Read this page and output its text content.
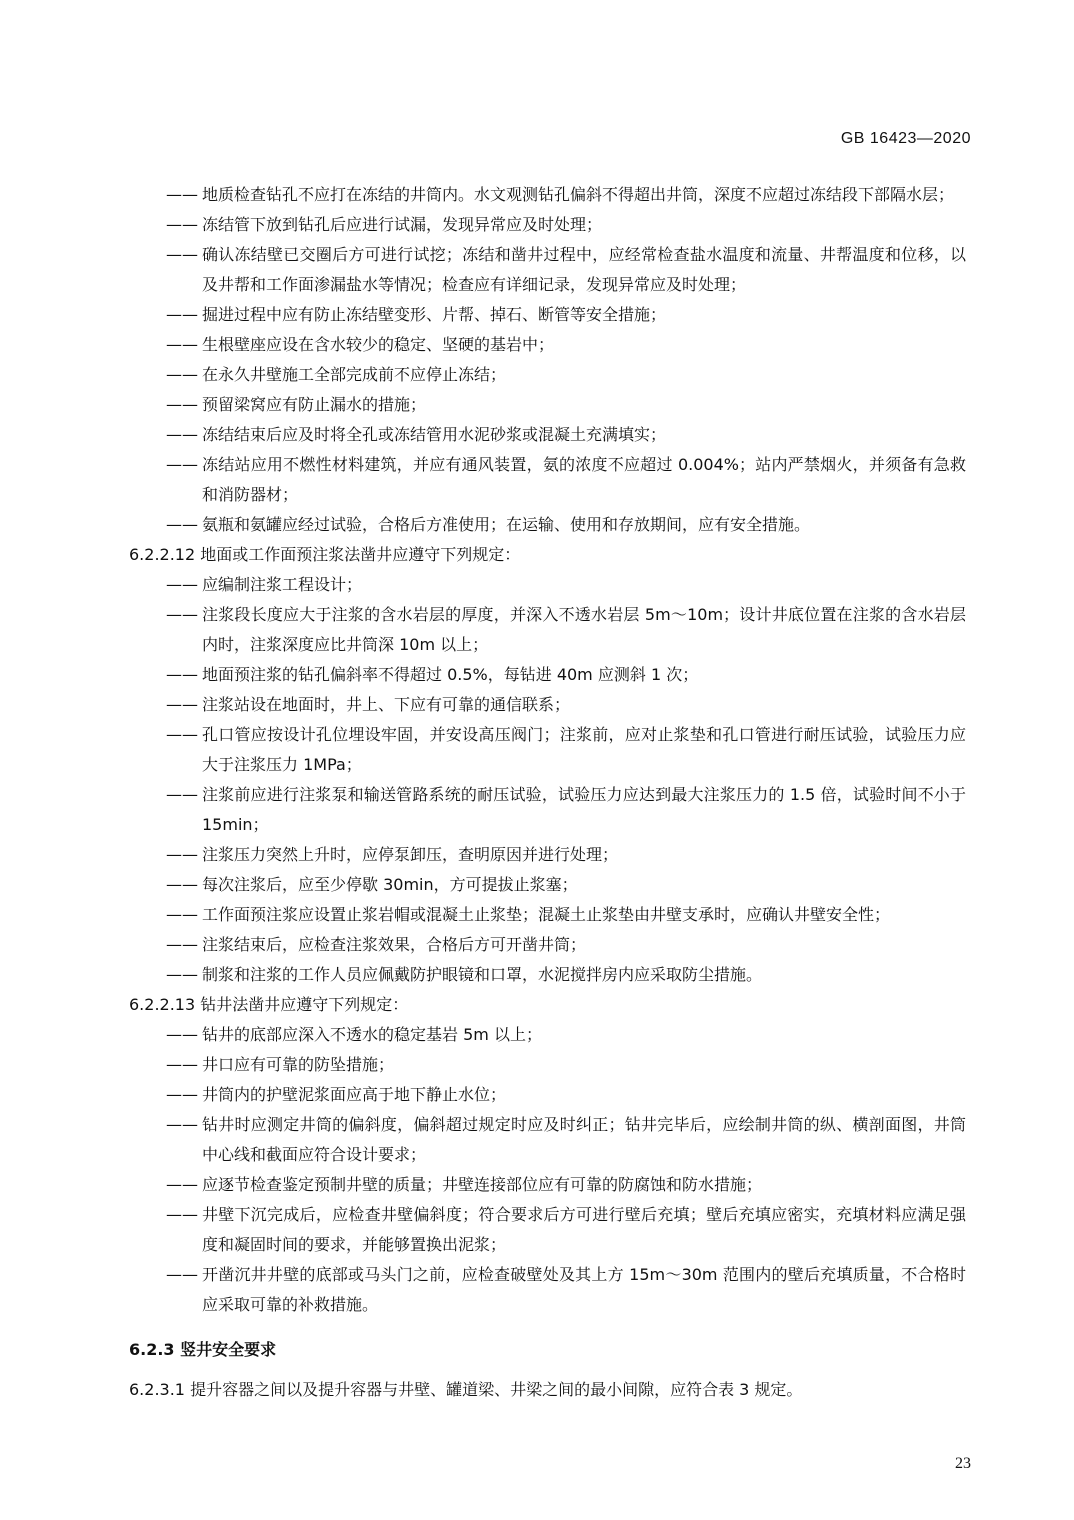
GB 16423—2020
—— 地质检查钻孔不应打在冻结的井筒内。水文观测钻孔偏斜不得超出井筒，深度不应超过冻结段下部隔水层；
—— 冻结管下放到钻孔后应进行试漏，发现异常应及时处理；
—— 确认冻结壁已交圈后方可进行试挖；冻结和凿井过程中，应经常检查盐水温度和流量、井帮温度和位移，以及井帮和工作面渗漏盐水等情况；检查应有详细记录，发现异常应及时处理；
—— 掘进过程中应有防止冻结壁变形、片帮、掉石、断管等安全措施；
—— 生根壁座应设在含水较少的稳定、坚硬的基岩中；
—— 在永久井壁施工全部完成前不应停止冻结；
—— 预留梁窝应有防止漏水的措施；
—— 冻结结束后应及时将全孔或冻结管用水泥砂浆或混凝土充满填实；
—— 冻结站应用不燃性材料建筑，并应有通风装置，氨的浓度不应超过 0.004%；站内严禁烟火，并须备有急救和消防器材；
—— 氨瓶和氨罐应经过试验，合格后方准使用；在运输、使用和存放期间，应有安全措施。
6.2.2.12 地面或工作面预注浆法凿井应遵守下列规定：
—— 应编制注浆工程设计；
—— 注浆段长度应大于注浆的含水岩层的厚度，并深入不透水岩层 5m～10m；设计井底位置在注浆的含水岩层内时，注浆深度应比井筒深 10m 以上；
—— 地面预注浆的钻孔偏斜率不得超过 0.5%，每钻进 40m 应测斜 1 次；
—— 注浆站设在地面时，井上、下应有可靠的通信联系；
—— 孔口管应按设计孔位埋设牢固，并安设高压阀门；注浆前，应对止浆垫和孔口管进行耐压试验，试验压力应大于注浆压力 1MPa；
—— 注浆前应进行注浆泵和输送管路系统的耐压试验，试验压力应达到最大注浆压力的 1.5 倍，试验时间不小于 15min；
—— 注浆压力突然上升时，应停泵卸压，查明原因并进行处理；
—— 每次注浆后，应至少停歇 30min，方可提拔止浆塞；
—— 工作面预注浆应设置止浆岩帽或混凝土止浆垫；混凝土止浆垫由井壁支承时，应确认井壁安全性；
—— 注浆结束后，应检查注浆效果，合格后方可开凿井筒；
—— 制浆和注浆的工作人员应佩戴防护眼镜和口罩，水泥搅拌房内应采取防尘措施。
6.2.2.13 钻井法凿井应遵守下列规定：
—— 钻井的底部应深入不透水的稳定基岩 5m 以上；
—— 井口应有可靠的防坠措施；
—— 井筒内的护壁泥浆面应高于地下静止水位；
—— 钻井时应测定井筒的偏斜度，偏斜超过规定时应及时纠正；钻井完毕后，应绘制井筒的纵、横剖面图，井筒中心线和截面应符合设计要求；
—— 应逐节检查鉴定预制井壁的质量；井壁连接部位应有可靠的防腐蚀和防水措施；
—— 井壁下沉完成后，应检查井壁偏斜度；符合要求后方可进行壁后充填；壁后充填应密实，充填材料应满足强度和凝固时间的要求，并能够置换出泥浆；
—— 开凿沉井井壁的底部或马头门之前，应检查破壁处及其上方 15m～30m 范围内的壁后充填质量，不合格时应采取可靠的补救措施。
6.2.3 竖井安全要求
6.2.3.1 提升容器之间以及提升容器与井壁、罐道梁、井梁之间的最小间隙，应符合表 3 规定。
23
